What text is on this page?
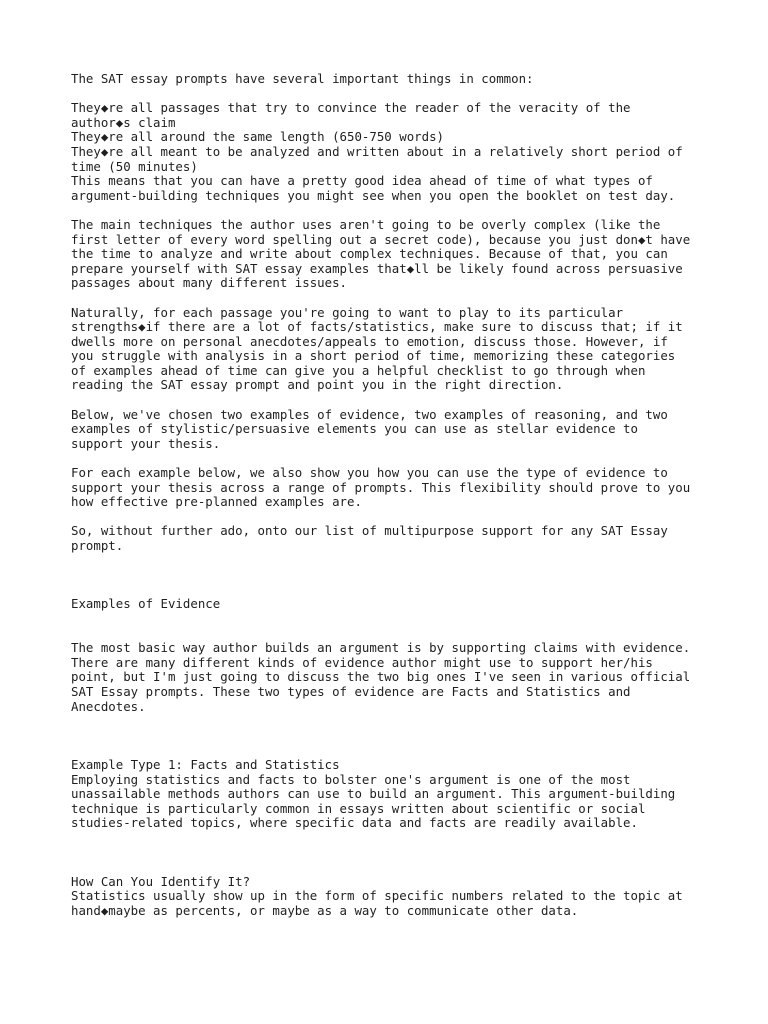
The SAT essay prompts have several important things in common:
They◆re all passages that try to convince the reader of the veracity of the
author◆s claim
They◆re all around the same length (650-750 words)
They◆re all meant to be analyzed and written about in a relatively short period of
time (50 minutes)
This means that you can have a pretty good idea ahead of time of what types of
argument-building techniques you might see when you open the booklet on test day.
The main techniques the author uses aren't going to be overly complex (like the
first letter of every word spelling out a secret code), because you just don◆t have
the time to analyze and write about complex techniques. Because of that, you can
prepare yourself with SAT essay examples that◆ll be likely found across persuasive
passages about many different issues.
Naturally, for each passage you're going to want to play to its particular
strengths◆if there are a lot of facts/statistics, make sure to discuss that; if it
dwells more on personal anecdotes/appeals to emotion, discuss those. However, if
you struggle with analysis in a short period of time, memorizing these categories
of examples ahead of time can give you a helpful checklist to go through when
reading the SAT essay prompt and point you in the right direction.
Below, we've chosen two examples of evidence, two examples of reasoning, and two
examples of stylistic/persuasive elements you can use as stellar evidence to
support your thesis.
For each example below, we also show you how you can use the type of evidence to
support your thesis across a range of prompts. This flexibility should prove to you
how effective pre-planned examples are.
So, without further ado, onto our list of multipurpose support for any SAT Essay
prompt.
Examples of Evidence
The most basic way author builds an argument is by supporting claims with evidence.
There are many different kinds of evidence author might use to support her/his
point, but I'm just going to discuss the two big ones I've seen in various official
SAT Essay prompts. These two types of evidence are Facts and Statistics and
Anecdotes.
Example Type 1: Facts and Statistics
Employing statistics and facts to bolster one's argument is one of the most
unassailable methods authors can use to build an argument. This argument-building
technique is particularly common in essays written about scientific or social
studies-related topics, where specific data and facts are readily available.
How Can You Identify It?
Statistics usually show up in the form of specific numbers related to the topic at
hand◆maybe as percents, or maybe as a way to communicate other data.
